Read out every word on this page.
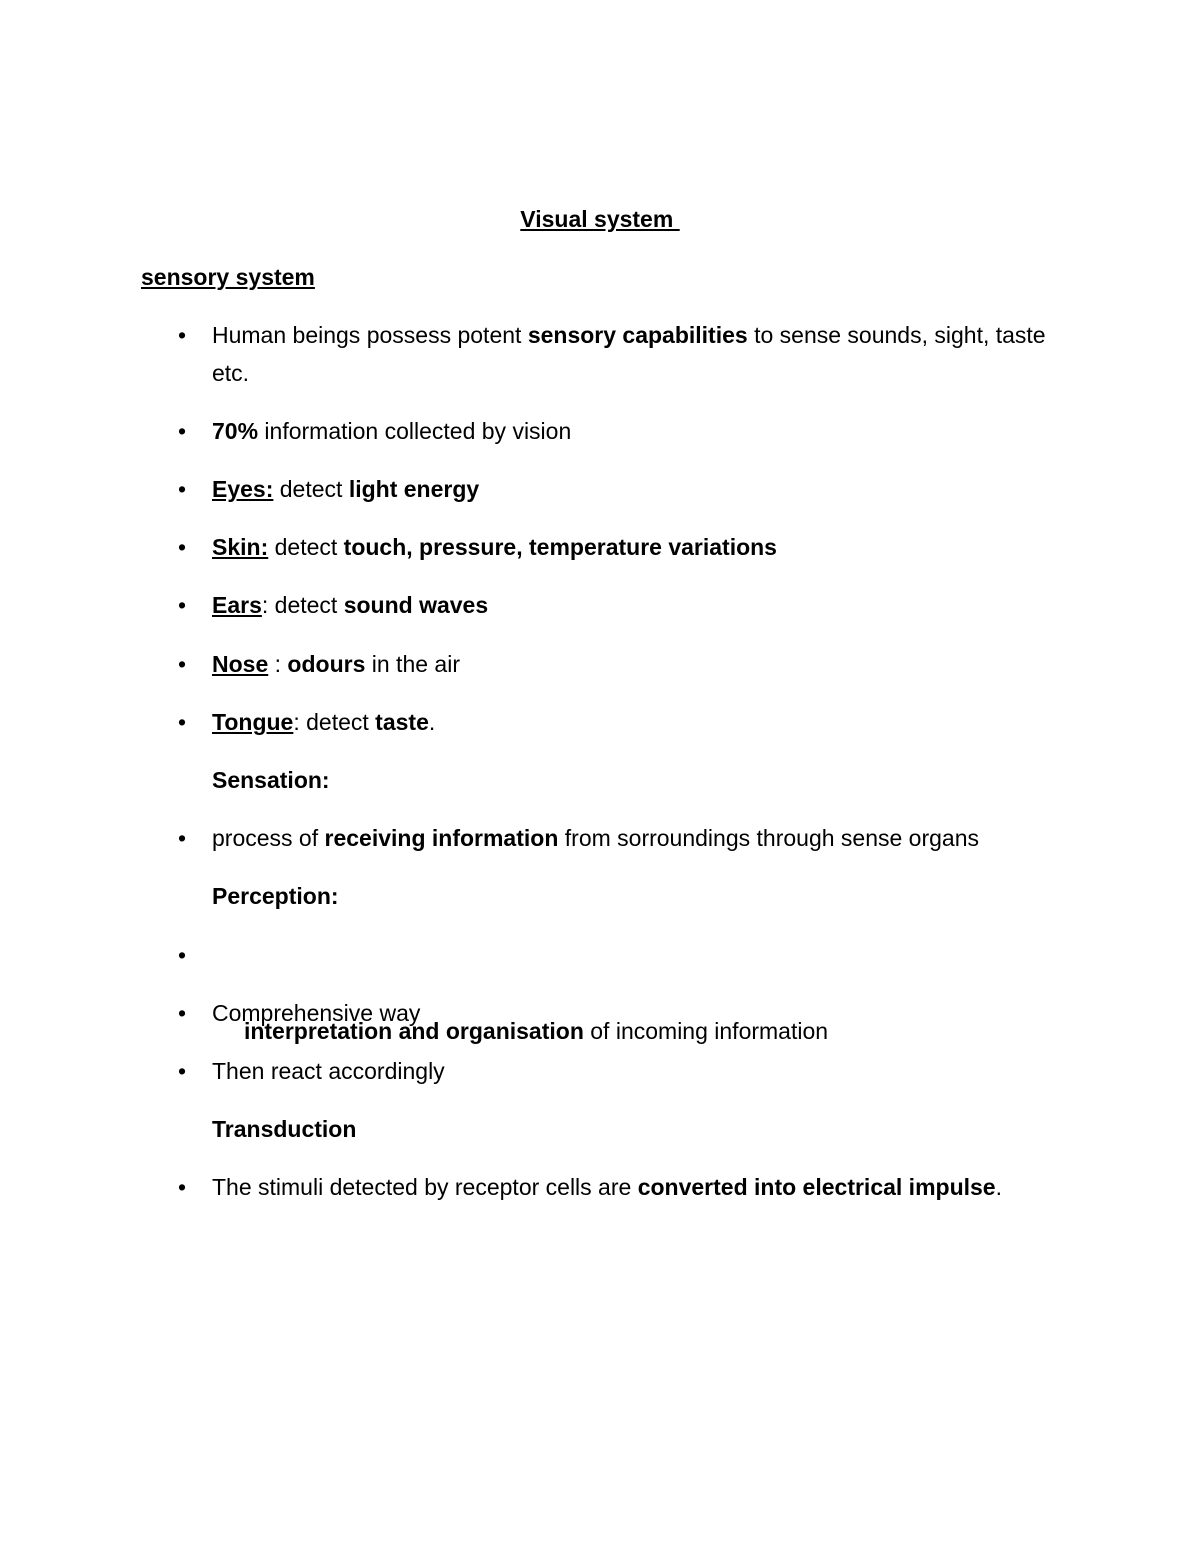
Visual system
sensory system
• Human beings possess potent sensory capabilities to sense sounds, sight, taste etc.
• 70% information collected by vision
• Eyes: detect light energy
• Skin: detect touch, pressure, temperature variations
• Ears: detect sound waves
• Nose : odours in the air
• Tongue: detect taste.
Sensation:
• process of receiving information from sorroundings through sense organs
Perception:

•

interpretation and organisation of incoming information

• Comprehensive way
• Then react accordingly
Transduction
• The stimuli detected by receptor cells are converted into electrical impulse.
